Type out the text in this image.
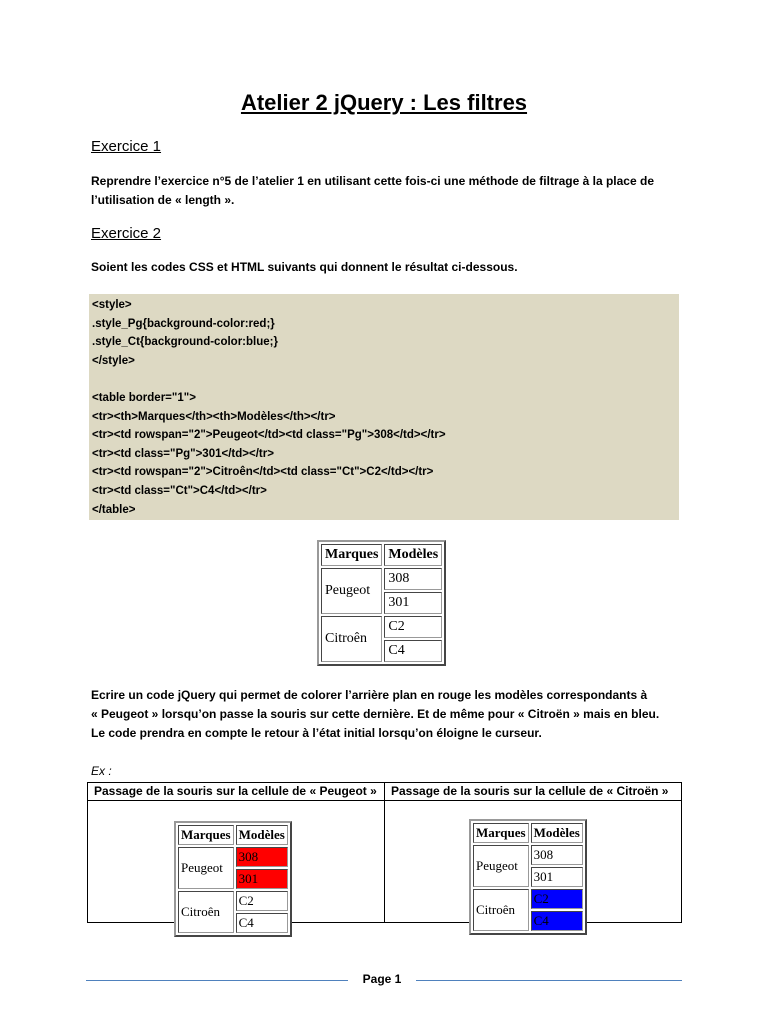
Atelier 2 jQuery : Les filtres
Exercice 1
Reprendre l’exercice n°5 de l’atelier 1 en utilisant cette fois-ci une méthode de filtrage à la place de
l’utilisation de « length ».
Exercice 2
Soient les codes CSS et HTML suivants qui donnent le résultat ci-dessous.
<style>
.style_Pg{background-color:red;}
.style_Ct{background-color:blue;}
</style>
<table border="1">
<tr><th>Marques</th><th>Modèles</th></tr>
<tr><td rowspan="2">Peugeot</td><td class="Pg">308</td></tr>
<tr><td class="Pg">301</td></tr>
<tr><td rowspan="2">Citroên</td><td class="Ct">C2</td></tr>
<tr><td class="Ct">C4</td></tr>
</table>
Marques	Modèles
Peugeot	308
	301
Citroên	C2
	C4
Ecrire un code jQuery qui permet de colorer l’arrière plan en rouge les modèles correspondants à
« Peugeot » lorsqu’on passe la souris sur cette dernière. Et de même pour « Citroën » mais en bleu.
Le code prendra en compte le retour à l’état initial lorsqu’on éloigne le curseur.
Ex :
Passage de la souris sur la cellule de « Peugeot »	Passage de la souris sur la cellule de « Citroën »
Marques	Modèles
Peugeot	308
	301
Citroên	C2
	C4
Marques	Modèles
Peugeot	308
	301
Citroên	C2
	C4
Page 1
